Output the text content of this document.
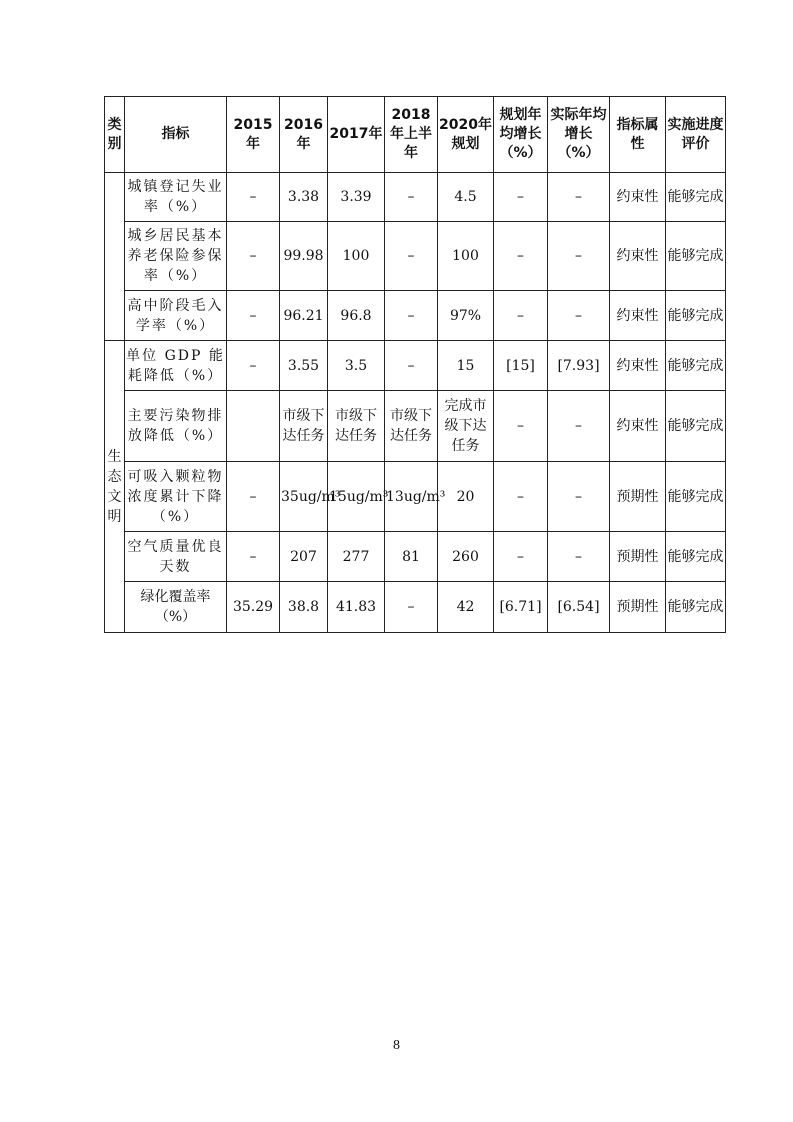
类别	指标	2015年	2016年	2017年	2018年上半年	2020年规划	规划年均增长（%）	实际年均增长（%）	指标属性	实施进度评价
	城镇登记失业率（%）	–	3.38	3.39	–	4.5	–	–	约束性	能够完成
	城乡居民基本养老保险参保率（%）	–	99.98	100	–	100	–	–	约束性	能够完成
	高中阶段毛入学率（%）	–	96.21	96.8	–	97%	–	–	约束性	能够完成
生态文明	单位 GDP 能耗降低（%）	–	3.55	3.5	–	15	[15]	[7.93]	约束性	能够完成
	主要污染物排放降低（%）		市级下达任务	市级下达任务	市级下达任务	完成市级下达任务	–	–	约束性	能够完成
	可吸入颗粒物浓度累计下降（%）	–	35ug/m³	15ug/m³	13ug/m³	20	–	–	预期性	能够完成
	空气质量优良天数	–	207	277	81	260	–	–	预期性	能够完成
	绿化覆盖率（%）	35.29	38.8	41.83	–	42	[6.71]	[6.54]	预期性	能够完成
8
